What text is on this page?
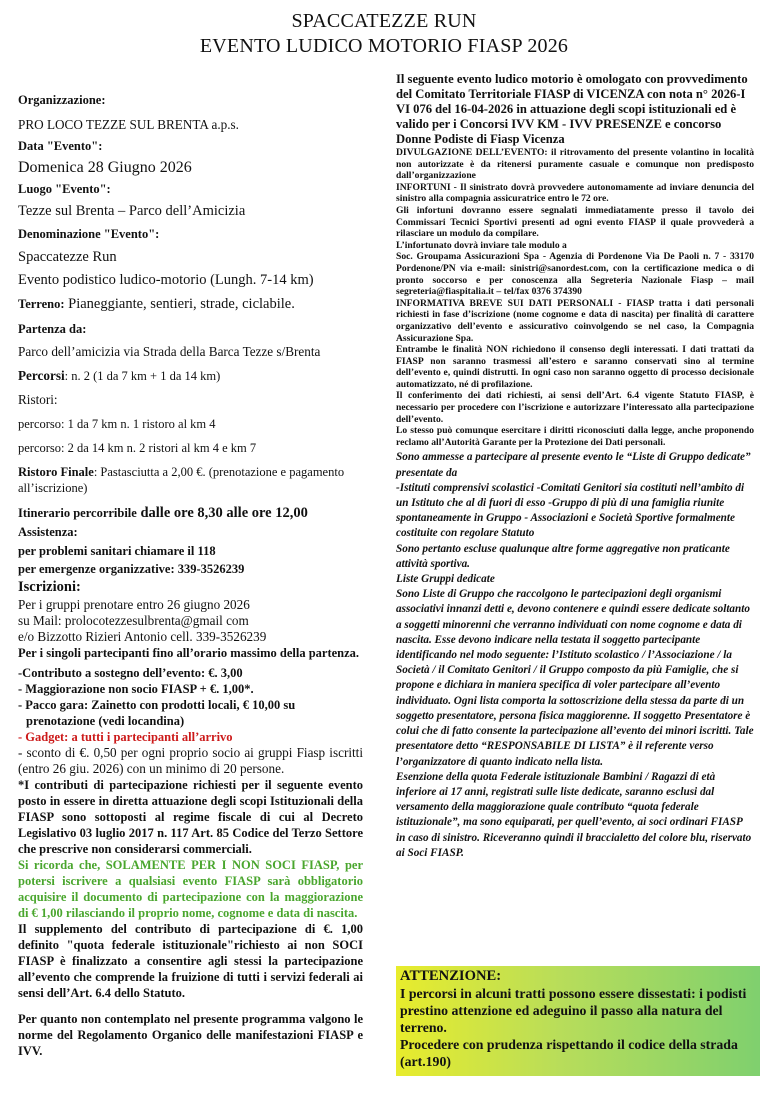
SPACCATEZZE RUN
EVENTO LUDICO MOTORIO FIASP 2026

Organizzazione:

PRO LOCO TEZZE SUL BRENTA a.p.s.

Data "Evento":

Domenica 28 Giugno 2026

Luogo "Evento":

Tezze sul Brenta – Parco dell’Amicizia

Denominazione "Evento":

Spaccatezze Run

Evento podistico ludico-motorio (Lungh. 7-14 km)

Terreno: Pianeggiante, sentieri, strade, ciclabile.

Partenza da:

Parco dell’amicizia via Strada della Barca Tezze s/Brenta

Percorsi: n. 2 (1 da 7 km + 1 da 14 km)

Ristori:

percorso: 1 da 7 km n. 1 ristoro al km 4

percorso: 2 da 14 km n. 2 ristori al km 4 e km 7

Ristoro Finale: Pastasciutta a 2,00 €. (prenotazione e pagamento all’iscrizione)

Itinerario percorribile dalle ore 8,30 alle ore 12,00

Assistenza:

per problemi sanitari chiamare il 118

per emergenze organizzative: 339-3526239

Iscrizioni:

Per i gruppi prenotare entro 26 giugno 2026

su Mail: prolocotezzesulbrenta@gmail com

e/o Bizzotto Rizieri Antonio cell. 339-3526239

Per i singoli partecipanti fino all’orario massimo della partenza.

-Contributo a sostegno dell’evento: €. 3,00

- Maggiorazione non socio FIASP + €. 1,00*.

- Pacco gara: Zainetto con prodotti locali, € 10,00 su prenotazione (vedi locandina)

- Gadget: a tutti i partecipanti all’arrivo

- sconto di €. 0,50 per ogni proprio socio ai gruppi Fiasp iscritti (entro 26 giu. 2026) con un minimo di 20 persone.

*I contributi di partecipazione richiesti per il seguente evento posto in essere in diretta attuazione degli scopi Istituzionali della FIASP sono sottoposti al regime fiscale di cui al Decreto Legislativo 03 luglio 2017 n. 117 Art. 85 Codice del Terzo Settore che prescrive non considerarsi commerciali.

Si ricorda che, SOLAMENTE PER I NON SOCI FIASP, per potersi iscrivere a qualsiasi evento FIASP sarà obbligatorio acquisire il documento di partecipazione con la maggiorazione di € 1,00 rilasciando il proprio nome, cognome e data di nascita.

Il supplemento del contributo di partecipazione di €. 1,00 definito "quota federale istituzionale"richiesto ai non SOCI FIASP è finalizzato a consentire agli stessi la partecipazione all’evento che comprende la fruizione di tutti i servizi federali ai sensi dell’Art. 6.4 dello Statuto.

Per quanto non contemplato nel presente programma valgono le norme del Regolamento Organico delle manifestazioni FIASP e IVV.

Il seguente evento ludico motorio è omologato con provvedimento del Comitato Territoriale FIASP di VICENZA con nota n° 2026-I VI 076 del 16-04-2026 in attuazione degli scopi istituzionali ed è valido per i Concorsi IVV KM - IVV PRESENZE e concorso Donne Podiste di Fiasp Vicenza

DIVULGAZIONE DELL’EVENTO: il ritrovamento del presente volantino in località non autorizzate è da ritenersi puramente casuale e comunque non predisposto dall’organizzazione

INFORTUNI - Il sinistrato dovrà provvedere autonomamente ad inviare denuncia del sinistro alla compagnia assicuratrice entro le 72 ore.

Gli infortuni dovranno essere segnalati immediatamente presso il tavolo dei Commissari Tecnici Sportivi presenti ad ogni evento FIASP il quale provvederà a rilasciare un modulo da compilare.

L’infortunato dovrà inviare tale modulo a

Soc. Groupama Assicurazioni Spa - Agenzia di Pordenone Via De Paoli n. 7 - 33170 Pordenone/PN via e-mail: sinistri@sanordest.com, con la certificazione medica o di pronto soccorso e per conoscenza alla Segreteria Nazionale Fiasp – mail segreteria@fiaspitalia.it – tel/fax 0376 374390

INFORMATIVA BREVE SUI DATI PERSONALI - FIASP tratta i dati personali richiesti in fase d’iscrizione (nome cognome e data di nascita) per finalità di carattere organizzativo dell’evento e assicurativo coinvolgendo se nel caso, la Compagnia Assicurazione Spa.

Entrambe le finalità NON richiedono il consenso degli interessati. I dati trattati da FIASP non saranno trasmessi all’estero e saranno conservati sino al termine dell’evento e, quindi distrutti. In ogni caso non saranno oggetto di processo decisionale automatizzato, né di profilazione.

Il conferimento dei dati richiesti, ai sensi dell’Art. 6.4 vigente Statuto FIASP, è necessario per procedere con l’iscrizione e autorizzare l’interessato alla partecipazione dell’evento.

Lo stesso può comunque esercitare i diritti riconosciuti dalla legge, anche proponendo reclamo all’Autorità Garante per la Protezione dei Dati personali.

Sono ammesse a partecipare al presente evento le “Liste di Gruppo dedicate” presentate da

-Istituti comprensivi scolastici -Comitati Genitori sia costituti nell’ambito di un Istituto che al di fuori di esso -Gruppo di più di una famiglia riunite spontaneamente in Gruppo - Associazioni e Società Sportive formalmente costituite con regolare Statuto

Sono pertanto escluse qualunque altre forme aggregative non praticante attività sportiva.

Liste Gruppi dedicate

Sono Liste di Gruppo che raccolgono le partecipazioni degli organismi associativi innanzi detti e, devono contenere e quindi essere dedicate soltanto a soggetti minorenni che verranno individuati con nome cognome e data di nascita. Esse devono indicare nella testata il soggetto partecipante identificando nel modo seguente: l’Istituto scolastico / l’Associazione / la Società / il Comitato Genitori / il Gruppo composto da più Famiglie, che si propone e dichiara in maniera specifica di voler partecipare all’evento individuato. Ogni lista comporta la sottoscrizione della stessa da parte di un soggetto presentatore, persona fisica maggiorenne. Il soggetto Presentatore è colui che di fatto consente la partecipazione all’evento dei minori iscritti. Tale presentatore detto “RESPONSABILE DI LISTA” è il referente verso l’organizzatore di quanto indicato nella lista.

Esenzione della quota Federale istituzionale Bambini / Ragazzi di età inferiore ai 17 anni, registrati sulle liste dedicate, saranno esclusi dal versamento della maggiorazione quale contributo “quota federale istituzionale”, ma sono equiparati, per quell’evento, ai soci ordinari FIASP in caso di sinistro. Riceveranno quindi il braccialetto del colore blu, riservato ai Soci FIASP.

ATTENZIONE:

I percorsi in alcuni tratti possono essere dissestati: i podisti prestino attenzione ed adeguino il passo alla natura del terreno.

Procedere con prudenza rispettando il codice della strada (art.190)
